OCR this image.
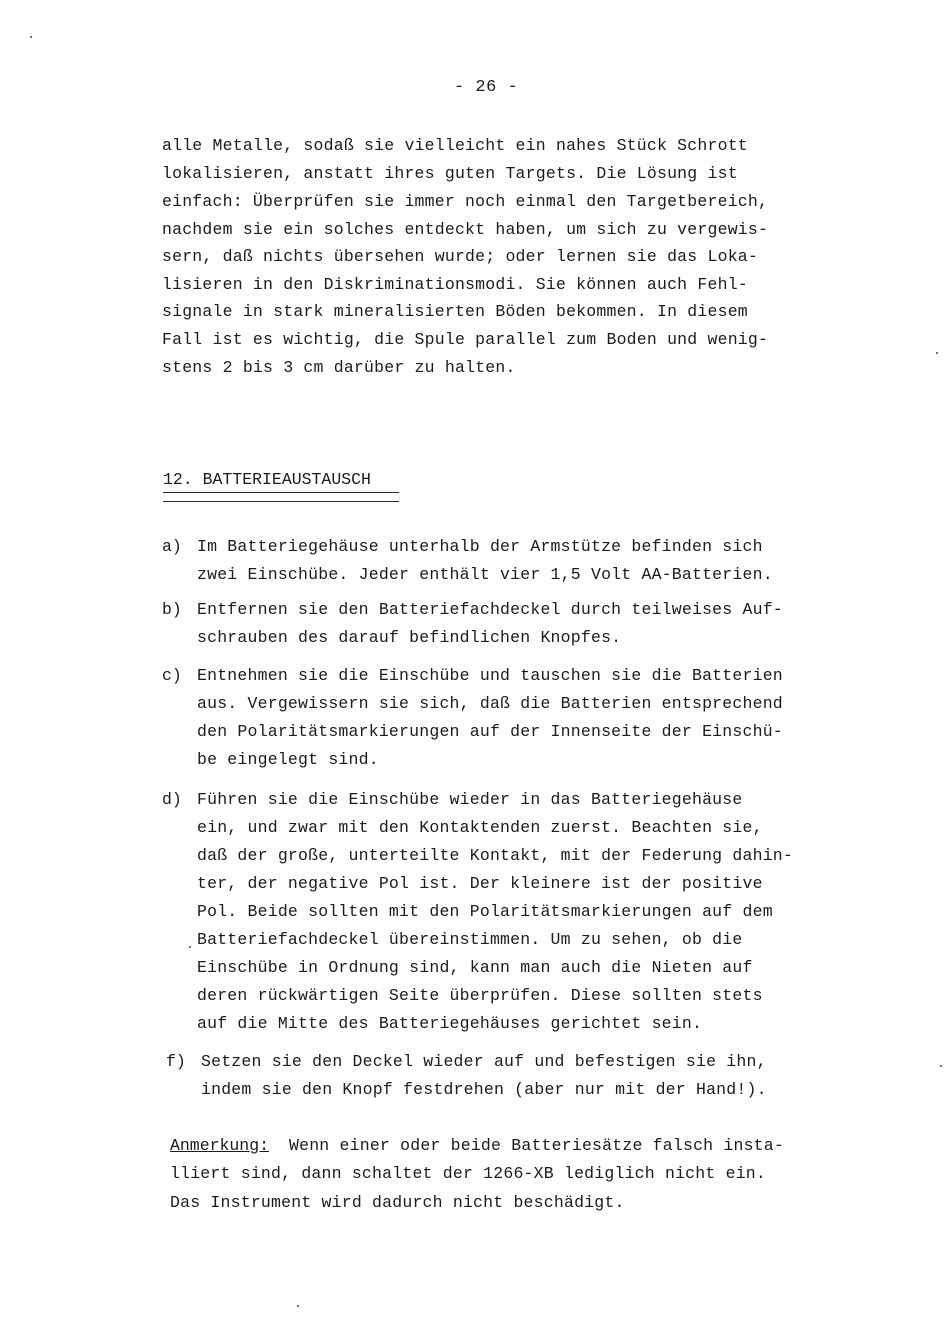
- 26 -
alle Metalle, sodaß sie vielleicht ein nahes Stück Schrott
lokalisieren, anstatt ihres guten Targets. Die Lösung ist
einfach: Überprüfen sie immer noch einmal den Targetbereich,
nachdem sie ein solches entdeckt haben, um sich zu vergewis-
sern, daß nichts übersehen wurde; oder lernen sie das Loka-
lisieren in den Diskriminationsmodi. Sie können auch Fehl-
signale in stark mineralisierten Böden bekommen. In diesem
Fall ist es wichtig, die Spule parallel zum Boden und wenig-
stens 2 bis 3 cm darüber zu halten.
12. BATTERIEAUSTAUSCH
a) Im Batteriegehäuse unterhalb der Armstütze befinden sich
zwei Einschübe. Jeder enthält vier 1,5 Volt AA-Batterien.
b) Entfernen sie den Batteriefachdeckel durch teilweises Auf-
schrauben des darauf befindlichen Knopfes.
c) Entnehmen sie die Einschübe und tauschen sie die Batterien
aus. Vergewissern sie sich, daß die Batterien entsprechend
den Polaritätsmarkierungen auf der Innenseite der Einschü-
be eingelegt sind.
d) Führen sie die Einschübe wieder in das Batteriegehäuse
ein, und zwar mit den Kontaktenden zuerst. Beachten sie,
daß der große, unterteilte Kontakt, mit der Federung dahin-
ter, der negative Pol ist. Der kleinere ist der positive
Pol. Beide sollten mit den Polaritätsmarkierungen auf dem
Batteriefachdeckel übereinstimmen. Um zu sehen, ob die
Einschübe in Ordnung sind, kann man auch die Nieten auf
deren rückwärtigen Seite überprüfen. Diese sollten stets
auf die Mitte des Batteriegehäuses gerichtet sein.
f) Setzen sie den Deckel wieder auf und befestigen sie ihn,
indem sie den Knopf festdrehen (aber nur mit der Hand!).
Anmerkung: Wenn einer oder beide Batteriesätze falsch insta-
lliert sind, dann schaltet der 1266-XB lediglich nicht ein.
Das Instrument wird dadurch nicht beschädigt.
